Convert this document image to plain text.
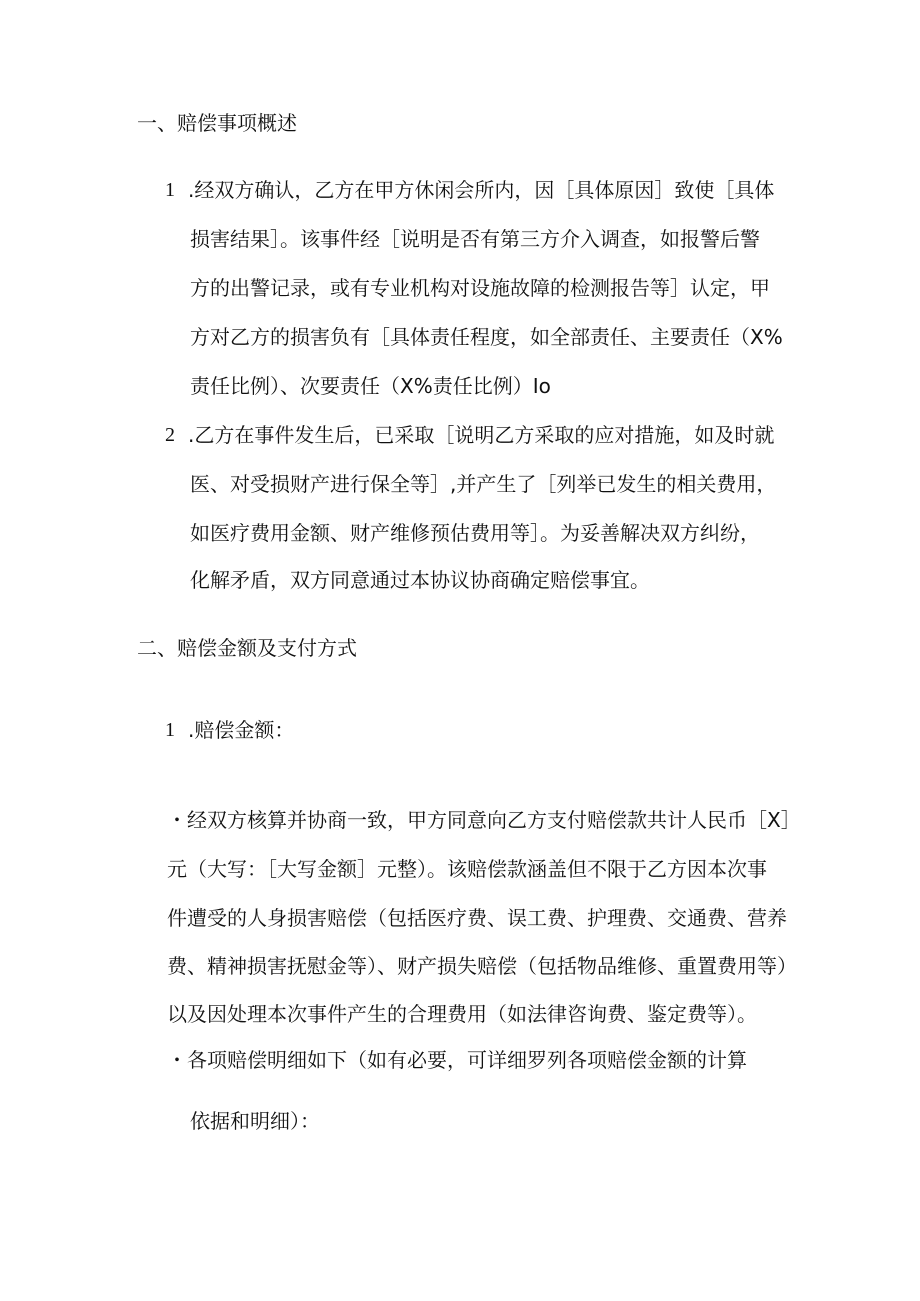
一、赔偿事项概述
1 .经双方确认，乙方在甲方休闲会所内，因［具体原因］致使［具体
损害结果］。该事件经［说明是否有第三方介入调查，如报警后警
方的出警记录，或有专业机构对设施故障的检测报告等］认定，甲
方对乙方的损害负有［具体责任程度，如全部责任、主要责任（X%
责任比例）、次要责任（X%责任比例）Io
2 .乙方在事件发生后，已采取［说明乙方采取的应对措施，如及时就
医、对受损财产进行保全等］,并产生了［列举已发生的相关费用，
如医疗费用金额、财产维修预估费用等］。为妥善解决双方纠纷，
化解矛盾，双方同意通过本协议协商确定赔偿事宜。
二、赔偿金额及支付方式
1 .赔偿金额：
・经双方核算并协商一致，甲方同意向乙方支付赔偿款共计人民币［X］
元（大写：［大写金额］元整）。该赔偿款涵盖但不限于乙方因本次事
件遭受的人身损害赔偿（包括医疗费、误工费、护理费、交通费、营养
费、精神损害抚慰金等）、财产损失赔偿（包括物品维修、重置费用等）
以及因处理本次事件产生的合理费用（如法律咨询费、鉴定费等）。
・各项赔偿明细如下（如有必要，可详细罗列各项赔偿金额的计算
依据和明细）：
